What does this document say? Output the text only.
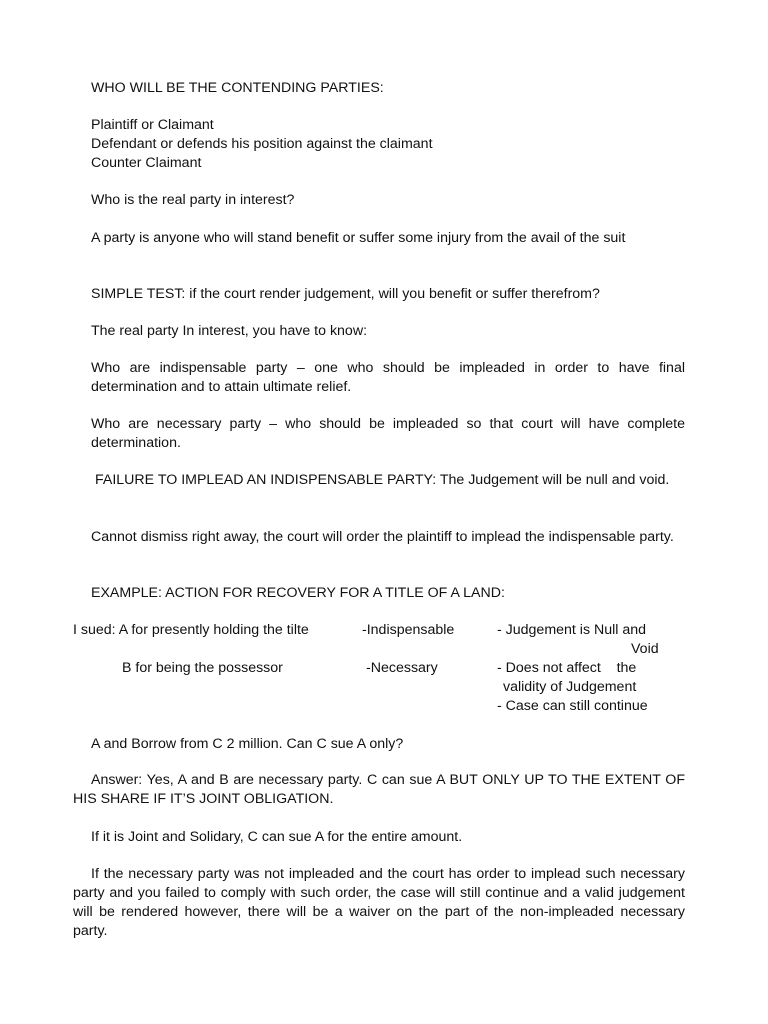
WHO WILL BE THE CONTENDING PARTIES:

Plaintiff or Claimant

Defendant or defends his position against the claimant

Counter Claimant

Who is the real party in interest?

A party is anyone who will stand benefit or suffer some injury from the avail of the suit

SIMPLE TEST: if the court render judgement, will you benefit or suffer therefrom?

The real party In interest, you have to know:

Who are indispensable party – one who should be impleaded in order to have final determination and to attain ultimate relief.

Who are necessary party – who should be impleaded so that court will have complete determination.

FAILURE TO IMPLEAD AN INDISPENSABLE PARTY: The Judgement will be null and void.

Cannot dismiss right away, the court will order the plaintiff to implead the indispensable party.

EXAMPLE: ACTION FOR RECOVERY FOR A TITLE OF A LAND:

I sued: A for presently holding the tilte	-Indispensable	- Judgement is Null and
Void
B for being the possessor	-Necessary	- Does not affect    the
validity of Judgement
- Case can still continue

A and Borrow from C 2 million. Can C sue A only?

Answer: Yes, A and B are necessary party. C can sue A BUT ONLY UP TO THE EXTENT OF HIS SHARE IF IT’S JOINT OBLIGATION.

If it is Joint and Solidary, C can sue A for the entire amount.

If the necessary party was not impleaded and the court has order to implead such necessary party and you failed to comply with such order, the case will still continue and a valid judgement will be rendered however, there will be a waiver on the part of the non-impleaded necessary party.
